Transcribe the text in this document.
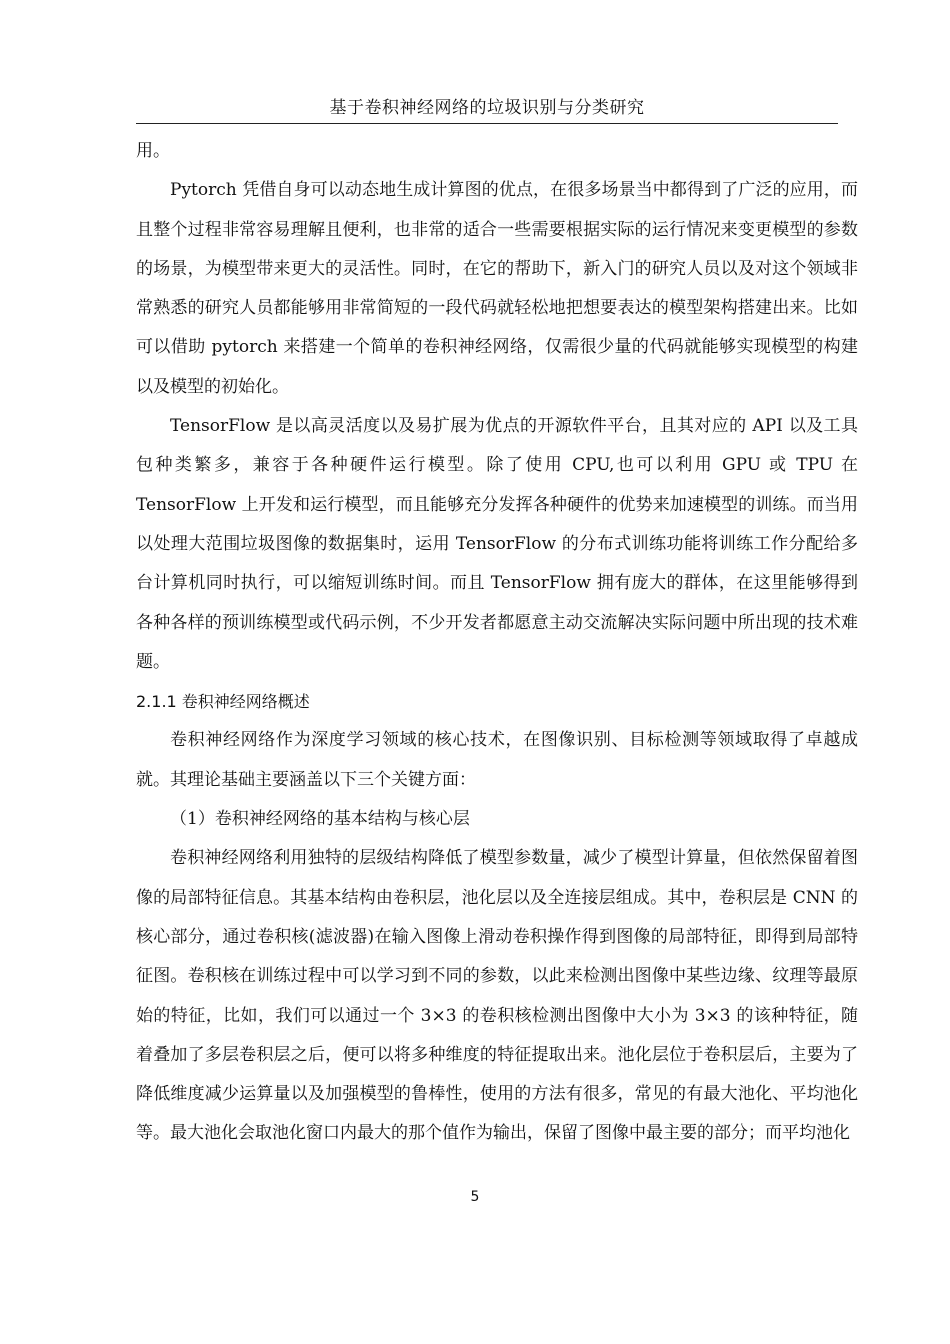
基于卷积神经网络的垃圾识别与分类研究

用。

Pytorch 凭借自身可以动态地生成计算图的优点，在很多场景当中都得到了广泛的应用，而且整个过程非常容易理解且便利，也非常的适合一些需要根据实际的运行情况来变更模型的参数的场景，为模型带来更大的灵活性。同时，在它的帮助下，新入门的研究人员以及对这个领域非常熟悉的研究人员都能够用非常简短的一段代码就轻松地把想要表达的模型架构搭建出来。比如可以借助 pytorch 来搭建一个简单的卷积神经网络，仅需很少量的代码就能够实现模型的构建以及模型的初始化。

TensorFlow 是以高灵活度以及易扩展为优点的开源软件平台，且其对应的 API 以及工具包种类繁多，兼容于各种硬件运行模型。除了使用 CPU,也可以利用 GPU 或 TPU 在 TensorFlow 上开发和运行模型，而且能够充分发挥各种硬件的优势来加速模型的训练。而当用以处理大范围垃圾图像的数据集时，运用 TensorFlow 的分布式训练功能将训练工作分配给多台计算机同时执行，可以缩短训练时间。而且 TensorFlow 拥有庞大的群体，在这里能够得到各种各样的预训练模型或代码示例，不少开发者都愿意主动交流解决实际问题中所出现的技术难题。

2.1.1 卷积神经网络概述

卷积神经网络作为深度学习领域的核心技术，在图像识别、目标检测等领域取得了卓越成就。其理论基础主要涵盖以下三个关键方面：

（1）卷积神经网络的基本结构与核心层

卷积神经网络利用独特的层级结构降低了模型参数量，减少了模型计算量，但依然保留着图像的局部特征信息。其基本结构由卷积层，池化层以及全连接层组成。其中，卷积层是 CNN 的核心部分，通过卷积核(滤波器)在输入图像上滑动卷积操作得到图像的局部特征，即得到局部特征图。卷积核在训练过程中可以学习到不同的参数，以此来检测出图像中某些边缘、纹理等最原始的特征，比如，我们可以通过一个 3×3 的卷积核检测出图像中大小为 3×3 的该种特征，随着叠加了多层卷积层之后，便可以将多种维度的特征提取出来。池化层位于卷积层后，主要为了降低维度减少运算量以及加强模型的鲁棒性，使用的方法有很多，常见的有最大池化、平均池化等。最大池化会取池化窗口内最大的那个值作为输出，保留了图像中最主要的部分；而平均池化

5
